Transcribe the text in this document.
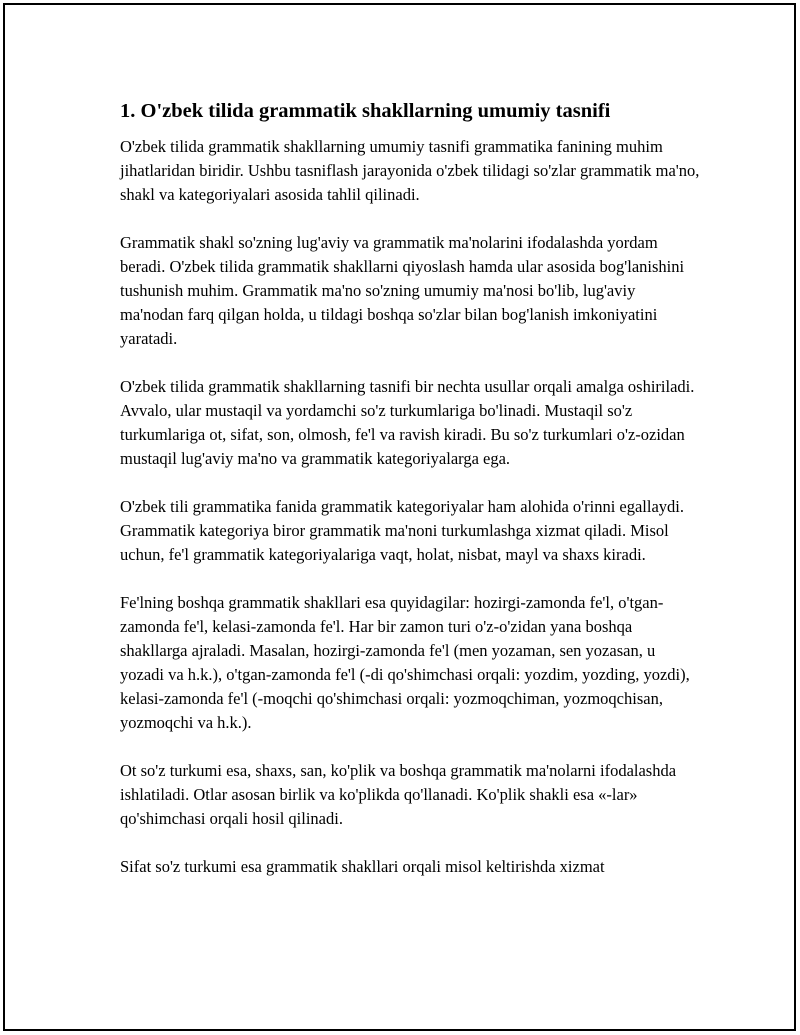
1. O'zbek tilida grammatik shakllarning umumiy tasnifi

O'zbek tilida grammatik shakllarning umumiy tasnifi grammatika fanining muhim jihatlaridan biridir. Ushbu tasniflash jarayonida o'zbek tilidagi so'zlar grammatik ma'no, shakl va kategoriyalari asosida tahlil qilinadi.

Grammatik shakl so'zning lug'aviy va grammatik ma'nolarini ifodalashda yordam beradi. O'zbek tilida grammatik shakllarni qiyoslash hamda ular asosida bog'lanishini tushunish muhim. Grammatik ma'no so'zning umumiy ma'nosi bo'lib, lug'aviy ma'nodan farq qilgan holda, u tildagi boshqa so'zlar bilan bog'lanish imkoniyatini yaratadi.

O'zbek tilida grammatik shakllarning tasnifi bir nechta usullar orqali amalga oshiriladi. Avvalo, ular mustaqil va yordamchi so'z turkumlariga bo'linadi. Mustaqil so'z turkumlariga ot, sifat, son, olmosh, fe'l va ravish kiradi. Bu so'z turkumlari o'z-ozidan mustaqil lug'aviy ma'no va grammatik kategoriyalarga ega.

O'zbek tili grammatika fanida grammatik kategoriyalar ham alohida o'rinni egallaydi. Grammatik kategoriya biror grammatik ma'noni turkumlashga xizmat qiladi. Misol uchun, fe'l grammatik kategoriyalariga vaqt, holat, nisbat, mayl va shaxs kiradi.

Fe'lning boshqa grammatik shakllari esa quyidagilar: hozirgi-zamonda fe'l, o'tgan-zamonda fe'l, kelasi-zamonda fe'l. Har bir zamon turi o'z-o'zidan yana boshqa shakllarga ajraladi. Masalan, hozirgi-zamonda fe'l (men yozaman, sen yozasan, u yozadi va h.k.), o'tgan-zamonda fe'l (-di qo'shimchasi orqali: yozdim, yozding, yozdi), kelasi-zamonda fe'l (-moqchi qo'shimchasi orqali: yozmoqchiman, yozmoqchisan, yozmoqchi va h.k.).

Ot so'z turkumi esa, shaxs, san, ko'plik va boshqa grammatik ma'nolarni ifodalashda ishlatiladi. Otlar asosan birlik va ko'plikda qo'llanadi. Ko'plik shakli esa «-lar» qo'shimchasi orqali hosil qilinadi.

Sifat so'z turkumi esa grammatik shakllari orqali misol keltirishda xizmat
